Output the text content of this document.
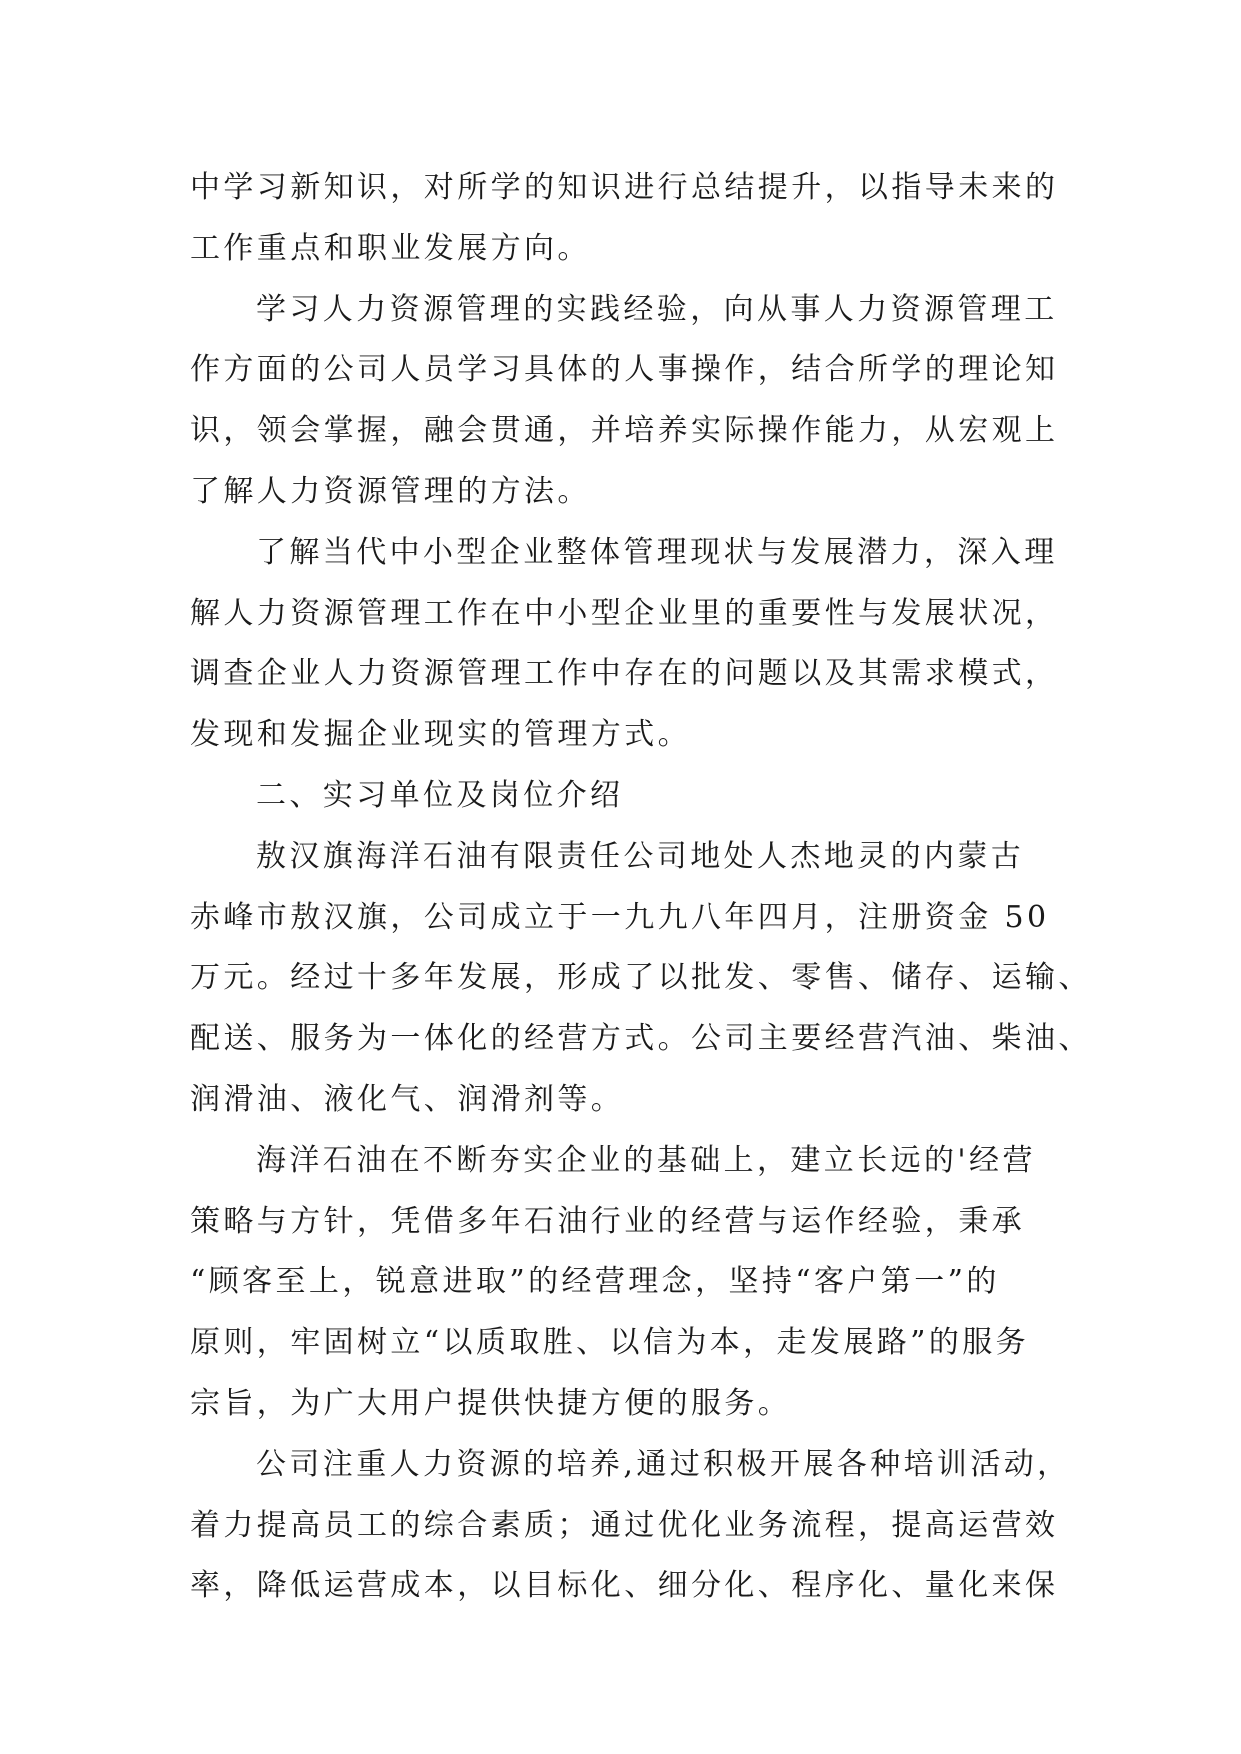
中学习新知识，对所学的知识进行总结提升，以指导未来的
工作重点和职业发展方向。
学习人力资源管理的实践经验，向从事人力资源管理工
作方面的公司人员学习具体的人事操作，结合所学的理论知
识，领会掌握，融会贯通，并培养实际操作能力，从宏观上
了解人力资源管理的方法。
了解当代中小型企业整体管理现状与发展潜力，深入理
解人力资源管理工作在中小型企业里的重要性与发展状况，
调查企业人力资源管理工作中存在的问题以及其需求模式，
发现和发掘企业现实的管理方式。
二、实习单位及岗位介绍
敖汉旗海洋石油有限责任公司地处人杰地灵的内蒙古
赤峰市敖汉旗，公司成立于一九九八年四月，注册资金 50
万元。经过十多年发展，形成了以批发、零售、储存、运输、
配送、服务为一体化的经营方式。公司主要经营汽油、柴油、
润滑油、液化气、润滑剂等。
海洋石油在不断夯实企业的基础上，建立长远的'经营
策略与方针，凭借多年石油行业的经营与运作经验，秉承
“顾客至上，锐意进取”的经营理念，坚持“客户第一”的
原则，牢固树立“以质取胜、以信为本，走发展路”的服务
宗旨，为广大用户提供快捷方便的服务。
公司注重人力资源的培养,通过积极开展各种培训活动，
着力提高员工的综合素质；通过优化业务流程，提高运营效
率，降低运营成本，以目标化、细分化、程序化、量化来保
